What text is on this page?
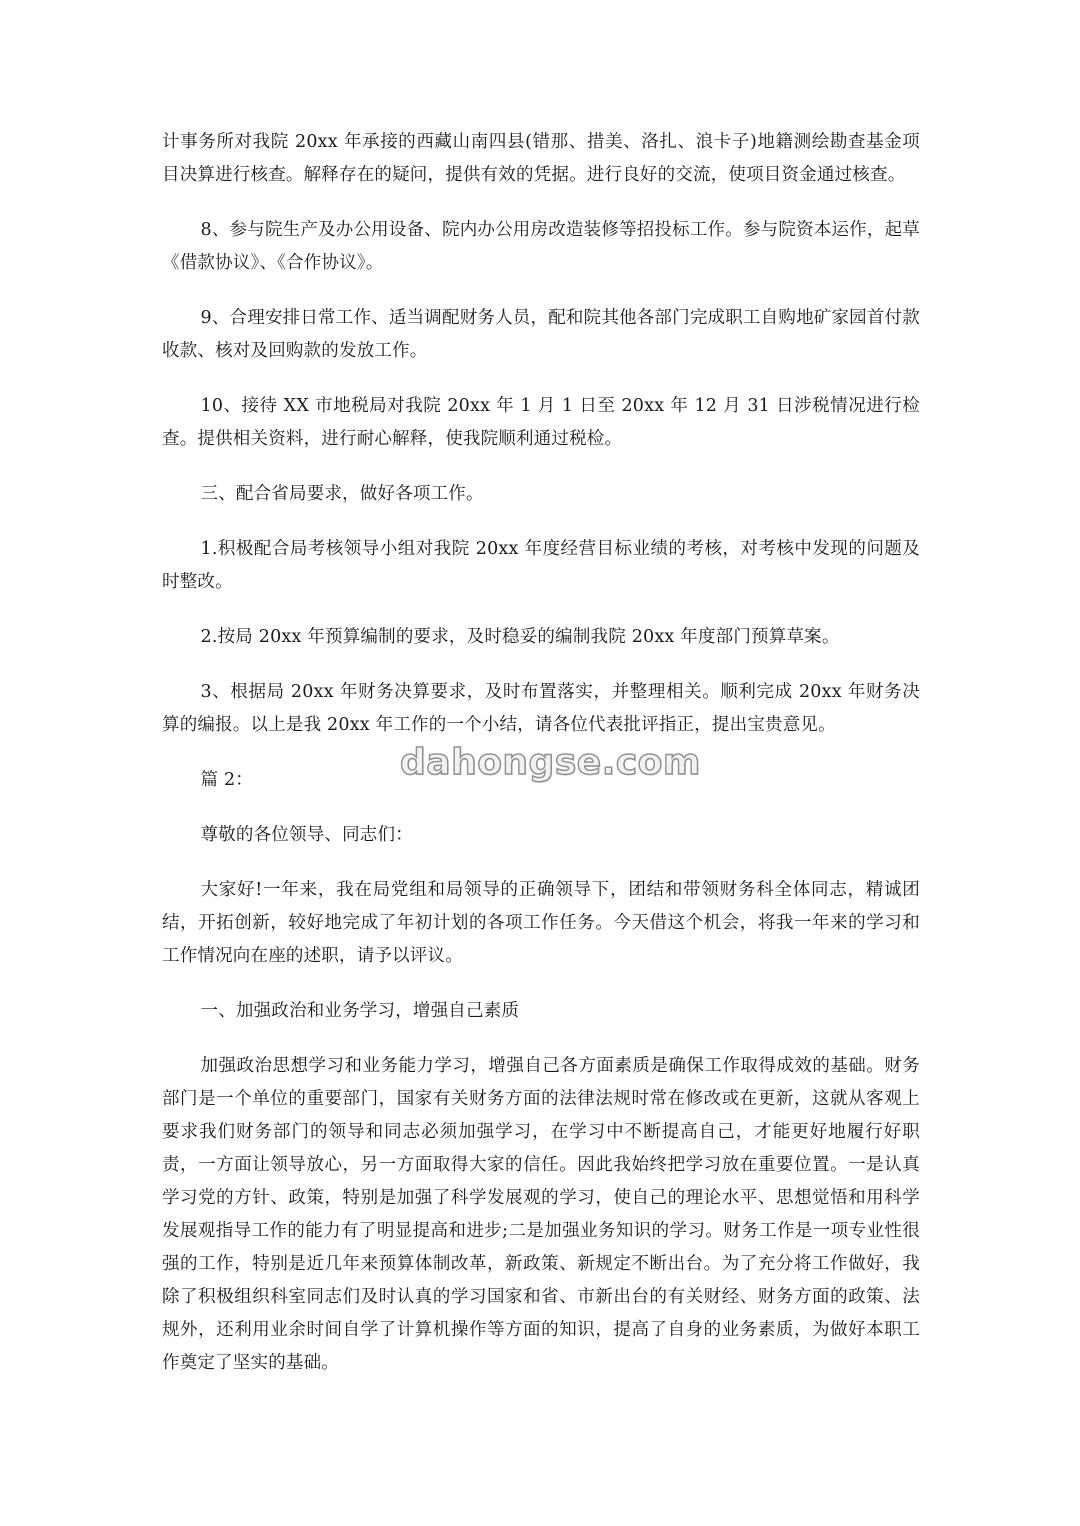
计事务所对我院 20xx 年承接的西藏山南四县(错那、措美、洛扎、浪卡子)地籍测绘勘查基金项目决算进行核查。解释存在的疑问，提供有效的凭据。进行良好的交流，使项目资金通过核查。

8、参与院生产及办公用设备、院内办公用房改造装修等招投标工作。参与院资本运作，起草《借款协议》、《合作协议》。

9、合理安排日常工作、适当调配财务人员，配和院其他各部门完成职工自购地矿家园首付款收款、核对及回购款的发放工作。

10、接待 XX 市地税局对我院 20xx 年 1 月 1 日至 20xx 年 12 月 31 日涉税情况进行检查。提供相关资料，进行耐心解释，使我院顺利通过税检。

三、配合省局要求，做好各项工作。

1.积极配合局考核领导小组对我院 20xx 年度经营目标业绩的考核，对考核中发现的问题及时整改。

2.按局 20xx 年预算编制的要求，及时稳妥的编制我院 20xx 年度部门预算草案。

3、根据局 20xx 年财务决算要求，及时布置落实，并整理相关。顺利完成 20xx 年财务决算的编报。以上是我 20xx 年工作的一个小结，请各位代表批评指正，提出宝贵意见。

篇 2：

尊敬的各位领导、同志们：

大家好!一年来，我在局党组和局领导的正确领导下，团结和带领财务科全体同志，精诚团结，开拓创新，较好地完成了年初计划的各项工作任务。今天借这个机会，将我一年来的学习和工作情况向在座的述职，请予以评议。

一、加强政治和业务学习，增强自己素质

加强政治思想学习和业务能力学习，增强自己各方面素质是确保工作取得成效的基础。财务部门是一个单位的重要部门，国家有关财务方面的法律法规时常在修改或在更新，这就从客观上要求我们财务部门的领导和同志必须加强学习，在学习中不断提高自己，才能更好地履行好职责，一方面让领导放心，另一方面取得大家的信任。因此我始终把学习放在重要位置。一是认真学习党的方针、政策，特别是加强了科学发展观的学习，使自己的理论水平、思想觉悟和用科学发展观指导工作的能力有了明显提高和进步;二是加强业务知识的学习。财务工作是一项专业性很强的工作，特别是近几年来预算体制改革，新政策、新规定不断出台。为了充分将工作做好，我除了积极组织科室同志们及时认真的学习国家和省、市新出台的有关财经、财务方面的政策、法规外，还利用业余时间自学了计算机操作等方面的知识，提高了自身的业务素质，为做好本职工作奠定了坚实的基础。

dahongse.com
